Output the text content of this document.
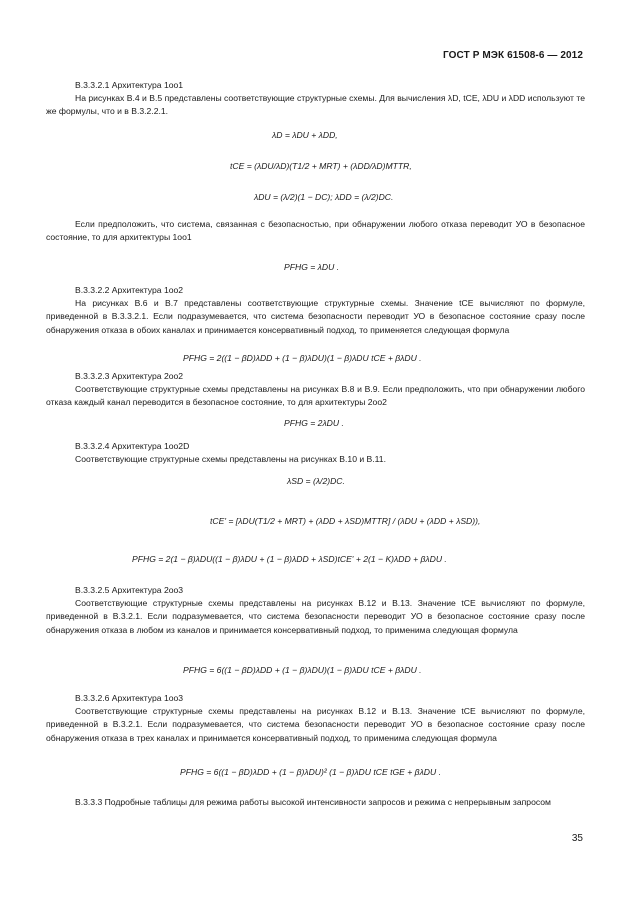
ГОСТ Р МЭК 61508-6 — 2012
В.3.3.2.1 Архитектура 1oo1
На рисунках В.4 и В.5 представлены соответствующие структурные схемы. Для вычисления λD, tCE, λDU и λDD используют те же формулы, что и в В.3.2.2.1.
λD = λDU + λDD,
tCE = (λDU/λD)(T1/2 + MRT) + (λDD/λD)MTTR,
λDU = (λ/2)(1 − DC); λDD = (λ/2)DC.
Если предположить, что система, связанная с безопасностью, при обнаружении любого отказа переводит УО в безопасное состояние, то для архитектуры 1oo1
PFHG = λDU .
В.3.3.2.2 Архитектура 1oo2
На рисунках В.6 и В.7 представлены соответствующие структурные схемы. Значение tCE вычисляют по формуле, приведенной в В.3.3.2.1. Если подразумевается, что система безопасности переводит УО в безопасное состояние сразу после обнаружения отказа в обоих каналах и принимается консервативный подход, то применяется следующая формула
PFHG = 2((1 − βD)λDD + (1 − β)λDU)(1 − β)λDU tCE + βλDU .
В.3.3.2.3 Архитектура 2oo2
Соответствующие структурные схемы представлены на рисунках В.8 и В.9. Если предположить, что при обнаружении любого отказа каждый канал переводится в безопасное состояние, то для архитектуры 2oo2
PFHG = 2λDU .
В.3.3.2.4 Архитектура 1oo2D
Соответствующие структурные схемы представлены на рисунках В.10 и В.11.
λSD = (λ/2)DC.
tCE' = [λDU(T1/2 + MRT) + (λDD + λSD)MTTR] / (λDU + (λDD + λSD)),
PFHG = 2(1 − β)λDU((1 − β)λDU + (1 − β)λDD + λSD)tCE' + 2(1 − K)λDD + βλDU .
В.3.3.2.5 Архитектура 2oo3
Соответствующие структурные схемы представлены на рисунках В.12 и В.13. Значение tCE вычисляют по формуле, приведенной в В.3.2.1. Если подразумевается, что система безопасности переводит УО в безопасное состояние сразу после обнаружения отказа в любом из каналов и принимается консервативный подход, то применима следующая формула
PFHG = 6((1 − βD)λDD + (1 − β)λDU)(1 − β)λDU tCE + βλDU .
В.3.3.2.6 Архитектура 1oo3
Соответствующие структурные схемы представлены на рисунках В.12 и В.13. Значение tCE вычисляют по формуле, приведенной в В.3.2.1. Если подразумевается, что система безопасности переводит УО в безопасное состояние сразу после обнаружения отказа в трех каналах и принимается консервативный подход, то применима следующая формула
PFHG = 6((1 − βD)λDD + (1 − β)λDU)² (1 − β)λDU tCE tGE + βλDU .
В.3.3.3 Подробные таблицы для режима работы высокой интенсивности запросов и режима с непрерывным запросом
35
